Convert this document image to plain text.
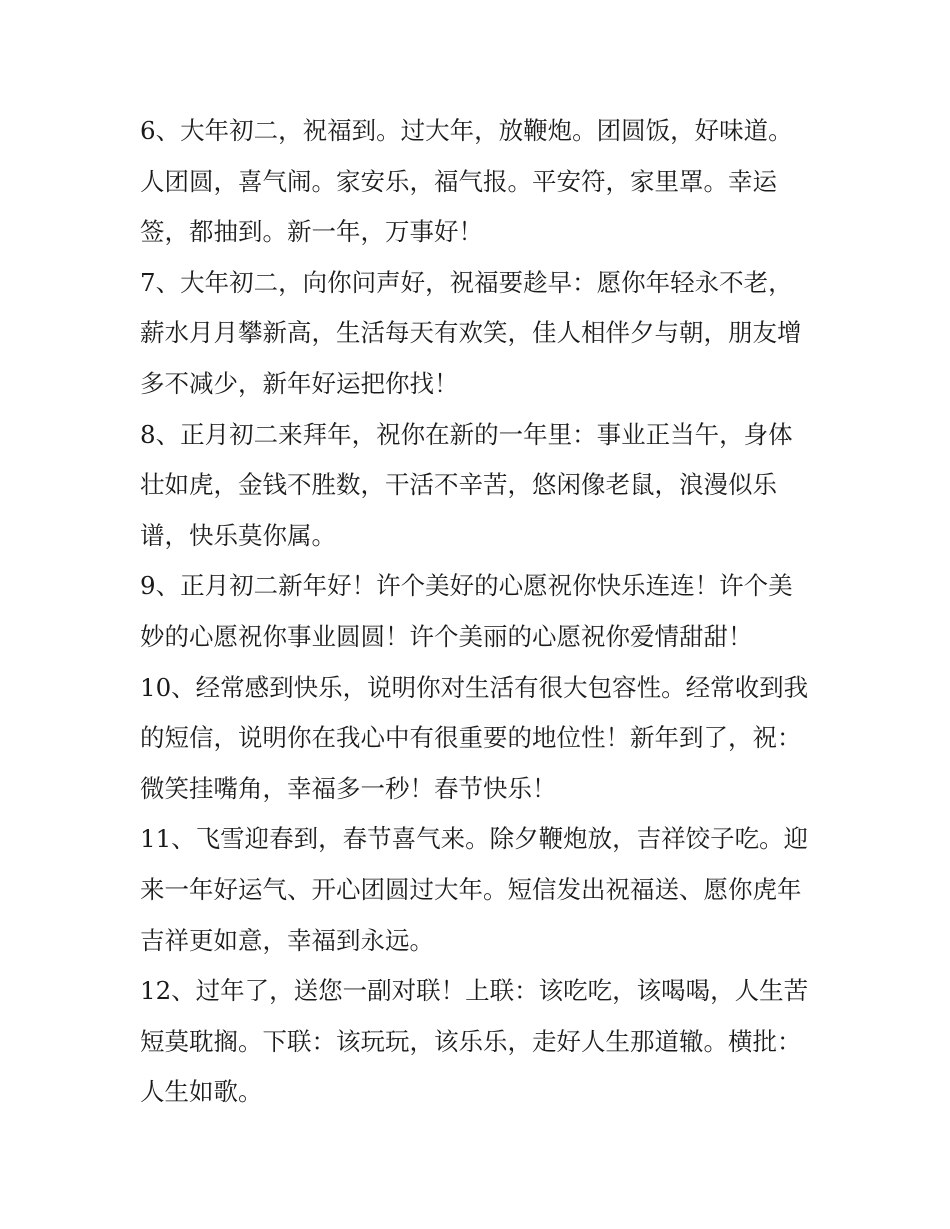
6、大年初二，祝福到。过大年，放鞭炮。团圆饭，好味道。
人团圆，喜气闹。家安乐，福气报。平安符，家里罩。幸运
签，都抽到。新一年，万事好！

7、大年初二，向你问声好，祝福要趁早：愿你年轻永不老，
薪水月月攀新高，生活每天有欢笑，佳人相伴夕与朝，朋友增
多不减少，新年好运把你找！

8、正月初二来拜年，祝你在新的一年里：事业正当午，身体
壮如虎，金钱不胜数，干活不辛苦，悠闲像老鼠，浪漫似乐
谱，快乐莫你属。

9、正月初二新年好！许个美好的心愿祝你快乐连连！许个美
妙的心愿祝你事业圆圆！许个美丽的心愿祝你爱情甜甜！

10、经常感到快乐，说明你对生活有很大包容性。经常收到我
的短信，说明你在我心中有很重要的地位性！新年到了，祝：
微笑挂嘴角，幸福多一秒！春节快乐！

11、飞雪迎春到，春节喜气来。除夕鞭炮放，吉祥饺子吃。迎
来一年好运气、开心团圆过大年。短信发出祝福送、愿你虎年
吉祥更如意，幸福到永远。

12、过年了，送您一副对联！上联：该吃吃，该喝喝，人生苦
短莫耽搁。下联：该玩玩，该乐乐，走好人生那道辙。横批：
人生如歌。
